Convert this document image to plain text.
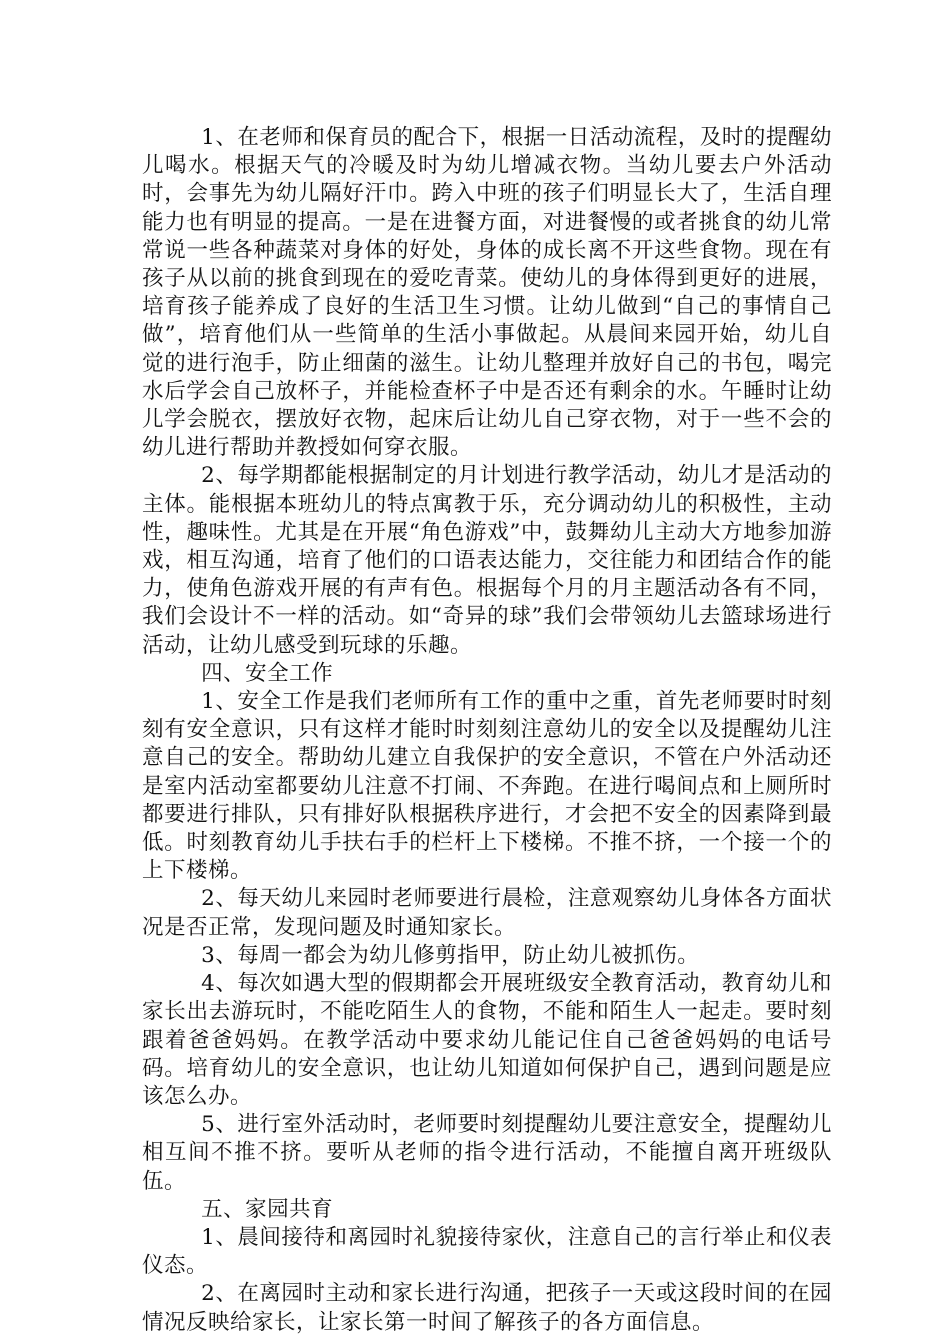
1、在老师和保育员的配合下，根据一日活动流程，及时的提醒幼儿喝水。根据天气的冷暖及时为幼儿增减衣物。当幼儿要去户外活动时，会事先为幼儿隔好汗巾。跨入中班的孩子们明显长大了，生活自理能力也有明显的提高。一是在进餐方面，对进餐慢的或者挑食的幼儿常常说一些各种蔬菜对身体的好处，身体的成长离不开这些食物。现在有孩子从以前的挑食到现在的爱吃青菜。使幼儿的身体得到更好的进展，培育孩子能养成了良好的生活卫生习惯。让幼儿做到“自己的事情自己做”，培育他们从一些简单的生活小事做起。从晨间来园开始，幼儿自觉的进行泡手，防止细菌的滋生。让幼儿整理并放好自己的书包，喝完水后学会自己放杯子，并能检查杯子中是否还有剩余的水。午睡时让幼儿学会脱衣，摆放好衣物，起床后让幼儿自己穿衣物，对于一些不会的幼儿进行帮助并教授如何穿衣服。

2、每学期都能根据制定的月计划进行教学活动，幼儿才是活动的主体。能根据本班幼儿的特点寓教于乐，充分调动幼儿的积极性，主动性，趣味性。尤其是在开展“角色游戏”中，鼓舞幼儿主动大方地参加游戏，相互沟通，培育了他们的口语表达能力，交往能力和团结合作的能力，使角色游戏开展的有声有色。根据每个月的月主题活动各有不同，我们会设计不一样的活动。如“奇异的球”我们会带领幼儿去篮球场进行活动，让幼儿感受到玩球的乐趣。

四、安全工作

1、安全工作是我们老师所有工作的重中之重，首先老师要时时刻刻有安全意识，只有这样才能时时刻刻注意幼儿的安全以及提醒幼儿注意自己的安全。帮助幼儿建立自我保护的安全意识，不管在户外活动还是室内活动室都要幼儿注意不打闹、不奔跑。在进行喝间点和上厕所时都要进行排队，只有排好队根据秩序进行，才会把不安全的因素降到最低。时刻教育幼儿手扶右手的栏杆上下楼梯。不推不挤，一个接一个的上下楼梯。

2、每天幼儿来园时老师要进行晨检，注意观察幼儿身体各方面状况是否正常，发现问题及时通知家长。

3、每周一都会为幼儿修剪指甲，防止幼儿被抓伤。

4、每次如遇大型的假期都会开展班级安全教育活动，教育幼儿和家长出去游玩时，不能吃陌生人的食物，不能和陌生人一起走。要时刻跟着爸爸妈妈。在教学活动中要求幼儿能记住自己爸爸妈妈的电话号码。培育幼儿的安全意识，也让幼儿知道如何保护自己，遇到问题是应该怎么办。

5、进行室外活动时，老师要时刻提醒幼儿要注意安全，提醒幼儿相互间不推不挤。要听从老师的指令进行活动，不能擅自离开班级队伍。

五、家园共育

1、晨间接待和离园时礼貌接待家伙，注意自己的言行举止和仪表仪态。

2、在离园时主动和家长进行沟通，把孩子一天或这段时间的在园情况反映给家长，让家长第一时间了解孩子的各方面信息。
